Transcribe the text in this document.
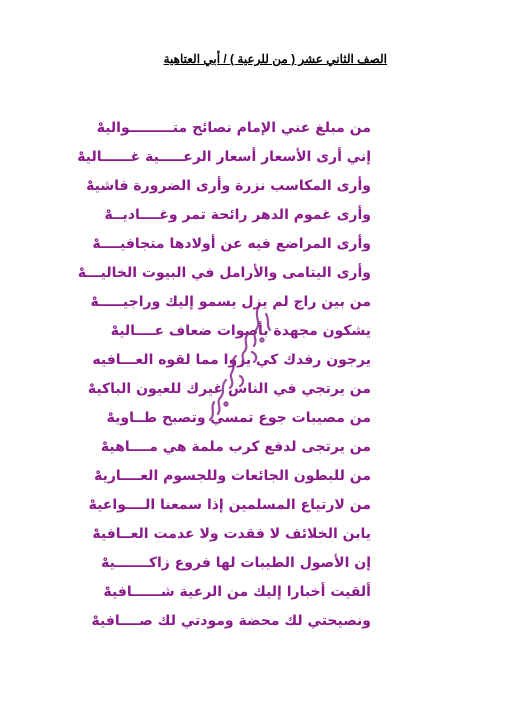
الصف الثاني عشر ( من للرعية ) / أبي العتاهية
من مبلغ عني الإمام نصائح متـــــــــواليهْ
إني أرى الأسعار أسعار الرعـــــية غــــــاليهْ
وأرى المكاسب نزرة وأرى الضرورة فاشيهْ
وأرى غموم الدهر رائحة تمر وغــــاديــهْ
وأرى المراضع فيه عن أولادها متجافيــــهْ
وأرى اليتامى والأرامل في البيوت الخاليـــهْ
من بين راج لم يزل يسمو إليك وراجيـــــهْ
يشكون مجهدة بأصوات ضعاف عــــاليهْ
يرجون رفدك كي يروا مما لقوه العـــافيه
من يرتجي في الناس غيرك للعيون الباكيهْ
من مصيبات جوع تمسي وتصبح طــاويهْ
من يرتجى لدفع كرب ملمة هي مــــاهيهْ
من للبطون الجائعات وللجسوم العــــاريهْ
من لارتياع المسلمين إذا سمعنا الــــواعيهْ
يابن الخلائف لا فقدت ولا عدمت العــافيهْ
إن الأصول الطيبات لها فروع زاكـــــــيهْ
ألقيت أخبارا إليك من الرعية شــــــافيهْ
ونصيحتي لك محضة ومودتي لك صــــافيهْ
